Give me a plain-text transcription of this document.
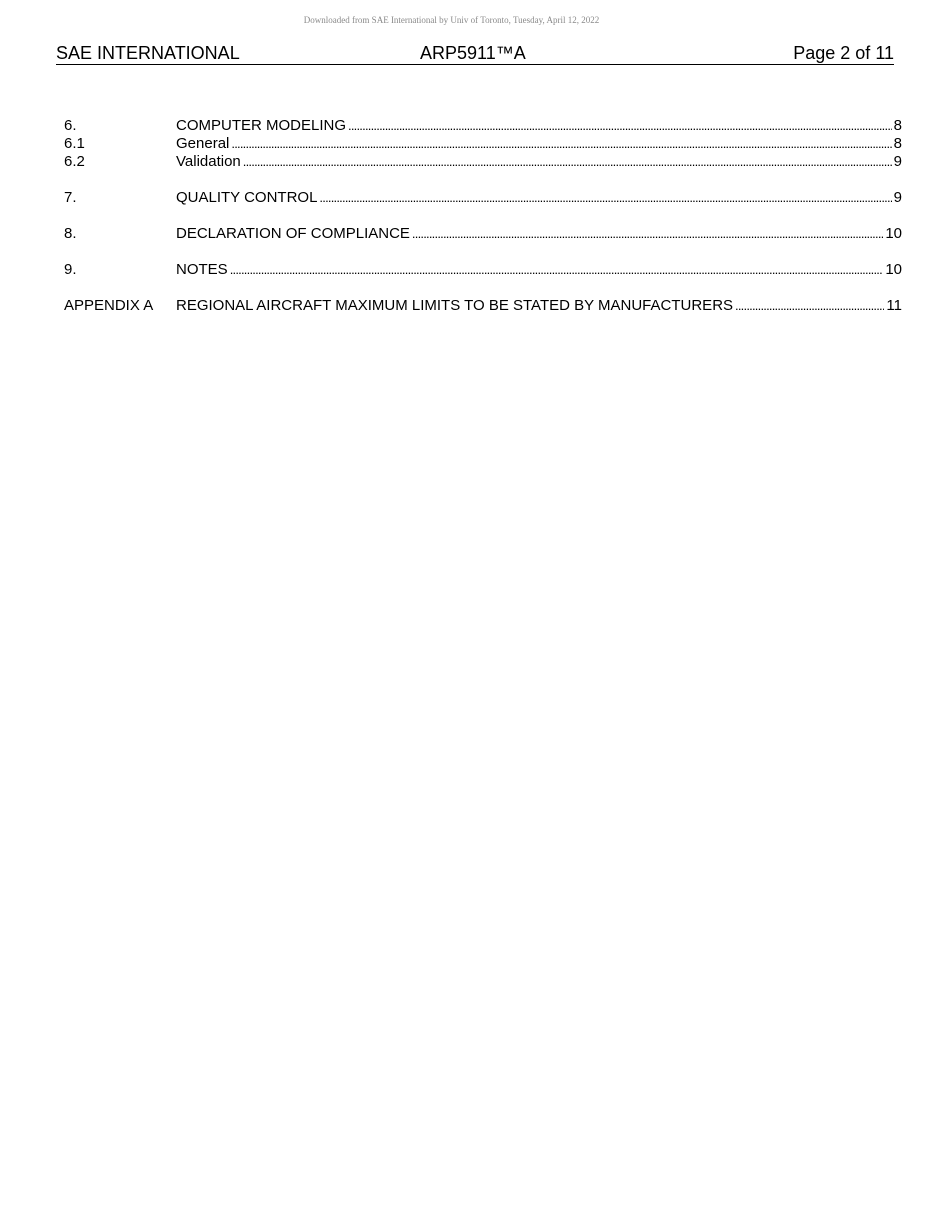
Downloaded from SAE International by Univ of Toronto, Tuesday, April 12, 2022
SAE INTERNATIONAL	ARP5911™A	Page 2 of 11
6.	COMPUTER MODELING . . .	8
6.1	General . . .	8
6.2	Validation . . .	9
7.	QUALITY CONTROL . . .	9
8.	DECLARATION OF COMPLIANCE . . .	10
9.	NOTES . . .	10
APPENDIX A	REGIONAL AIRCRAFT MAXIMUM LIMITS TO BE STATED BY MANUFACTURERS . . .	11
